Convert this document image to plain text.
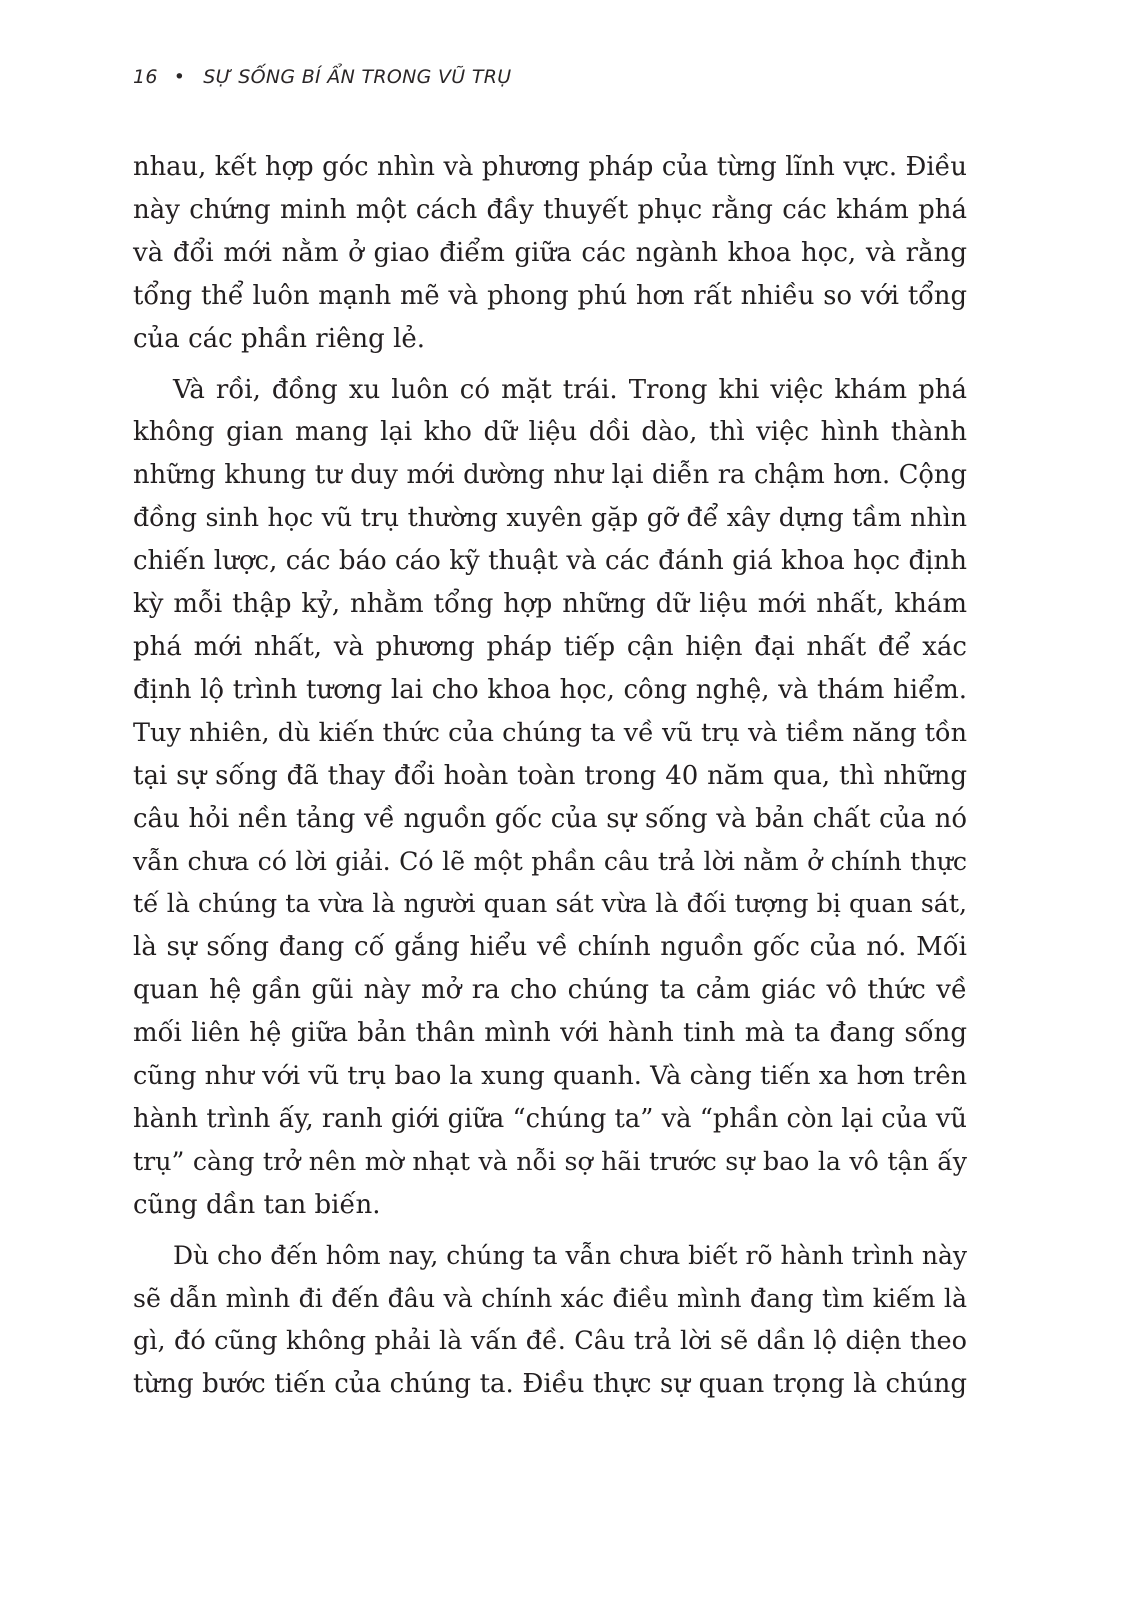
16 • SỰ SỐNG BÍ ẨN TRONG VŨ TRỤ
nhau, kết hợp góc nhìn và phương pháp của từng lĩnh vực. Điều
này chứng minh một cách đầy thuyết phục rằng các khám phá
và đổi mới nằm ở giao điểm giữa các ngành khoa học, và rằng
tổng thể luôn mạnh mẽ và phong phú hơn rất nhiều so với tổng
của các phần riêng lẻ.
Và rồi, đồng xu luôn có mặt trái. Trong khi việc khám phá
không gian mang lại kho dữ liệu dồi dào, thì việc hình thành
những khung tư duy mới dường như lại diễn ra chậm hơn. Cộng
đồng sinh học vũ trụ thường xuyên gặp gỡ để xây dựng tầm nhìn
chiến lược, các báo cáo kỹ thuật và các đánh giá khoa học định
kỳ mỗi thập kỷ, nhằm tổng hợp những dữ liệu mới nhất, khám
phá mới nhất, và phương pháp tiếp cận hiện đại nhất để xác
định lộ trình tương lai cho khoa học, công nghệ, và thám hiểm.
Tuy nhiên, dù kiến thức của chúng ta về vũ trụ và tiềm năng tồn
tại sự sống đã thay đổi hoàn toàn trong 40 năm qua, thì những
câu hỏi nền tảng về nguồn gốc của sự sống và bản chất của nó
vẫn chưa có lời giải. Có lẽ một phần câu trả lời nằm ở chính thực
tế là chúng ta vừa là người quan sát vừa là đối tượng bị quan sát,
là sự sống đang cố gắng hiểu về chính nguồn gốc của nó. Mối
quan hệ gần gũi này mở ra cho chúng ta cảm giác vô thức về
mối liên hệ giữa bản thân mình với hành tinh mà ta đang sống
cũng như với vũ trụ bao la xung quanh. Và càng tiến xa hơn trên
hành trình ấy, ranh giới giữa “chúng ta” và “phần còn lại của vũ
trụ” càng trở nên mờ nhạt và nỗi sợ hãi trước sự bao la vô tận ấy
cũng dần tan biến.
Dù cho đến hôm nay, chúng ta vẫn chưa biết rõ hành trình này
sẽ dẫn mình đi đến đâu và chính xác điều mình đang tìm kiếm là
gì, đó cũng không phải là vấn đề. Câu trả lời sẽ dần lộ diện theo
từng bước tiến của chúng ta. Điều thực sự quan trọng là chúng
